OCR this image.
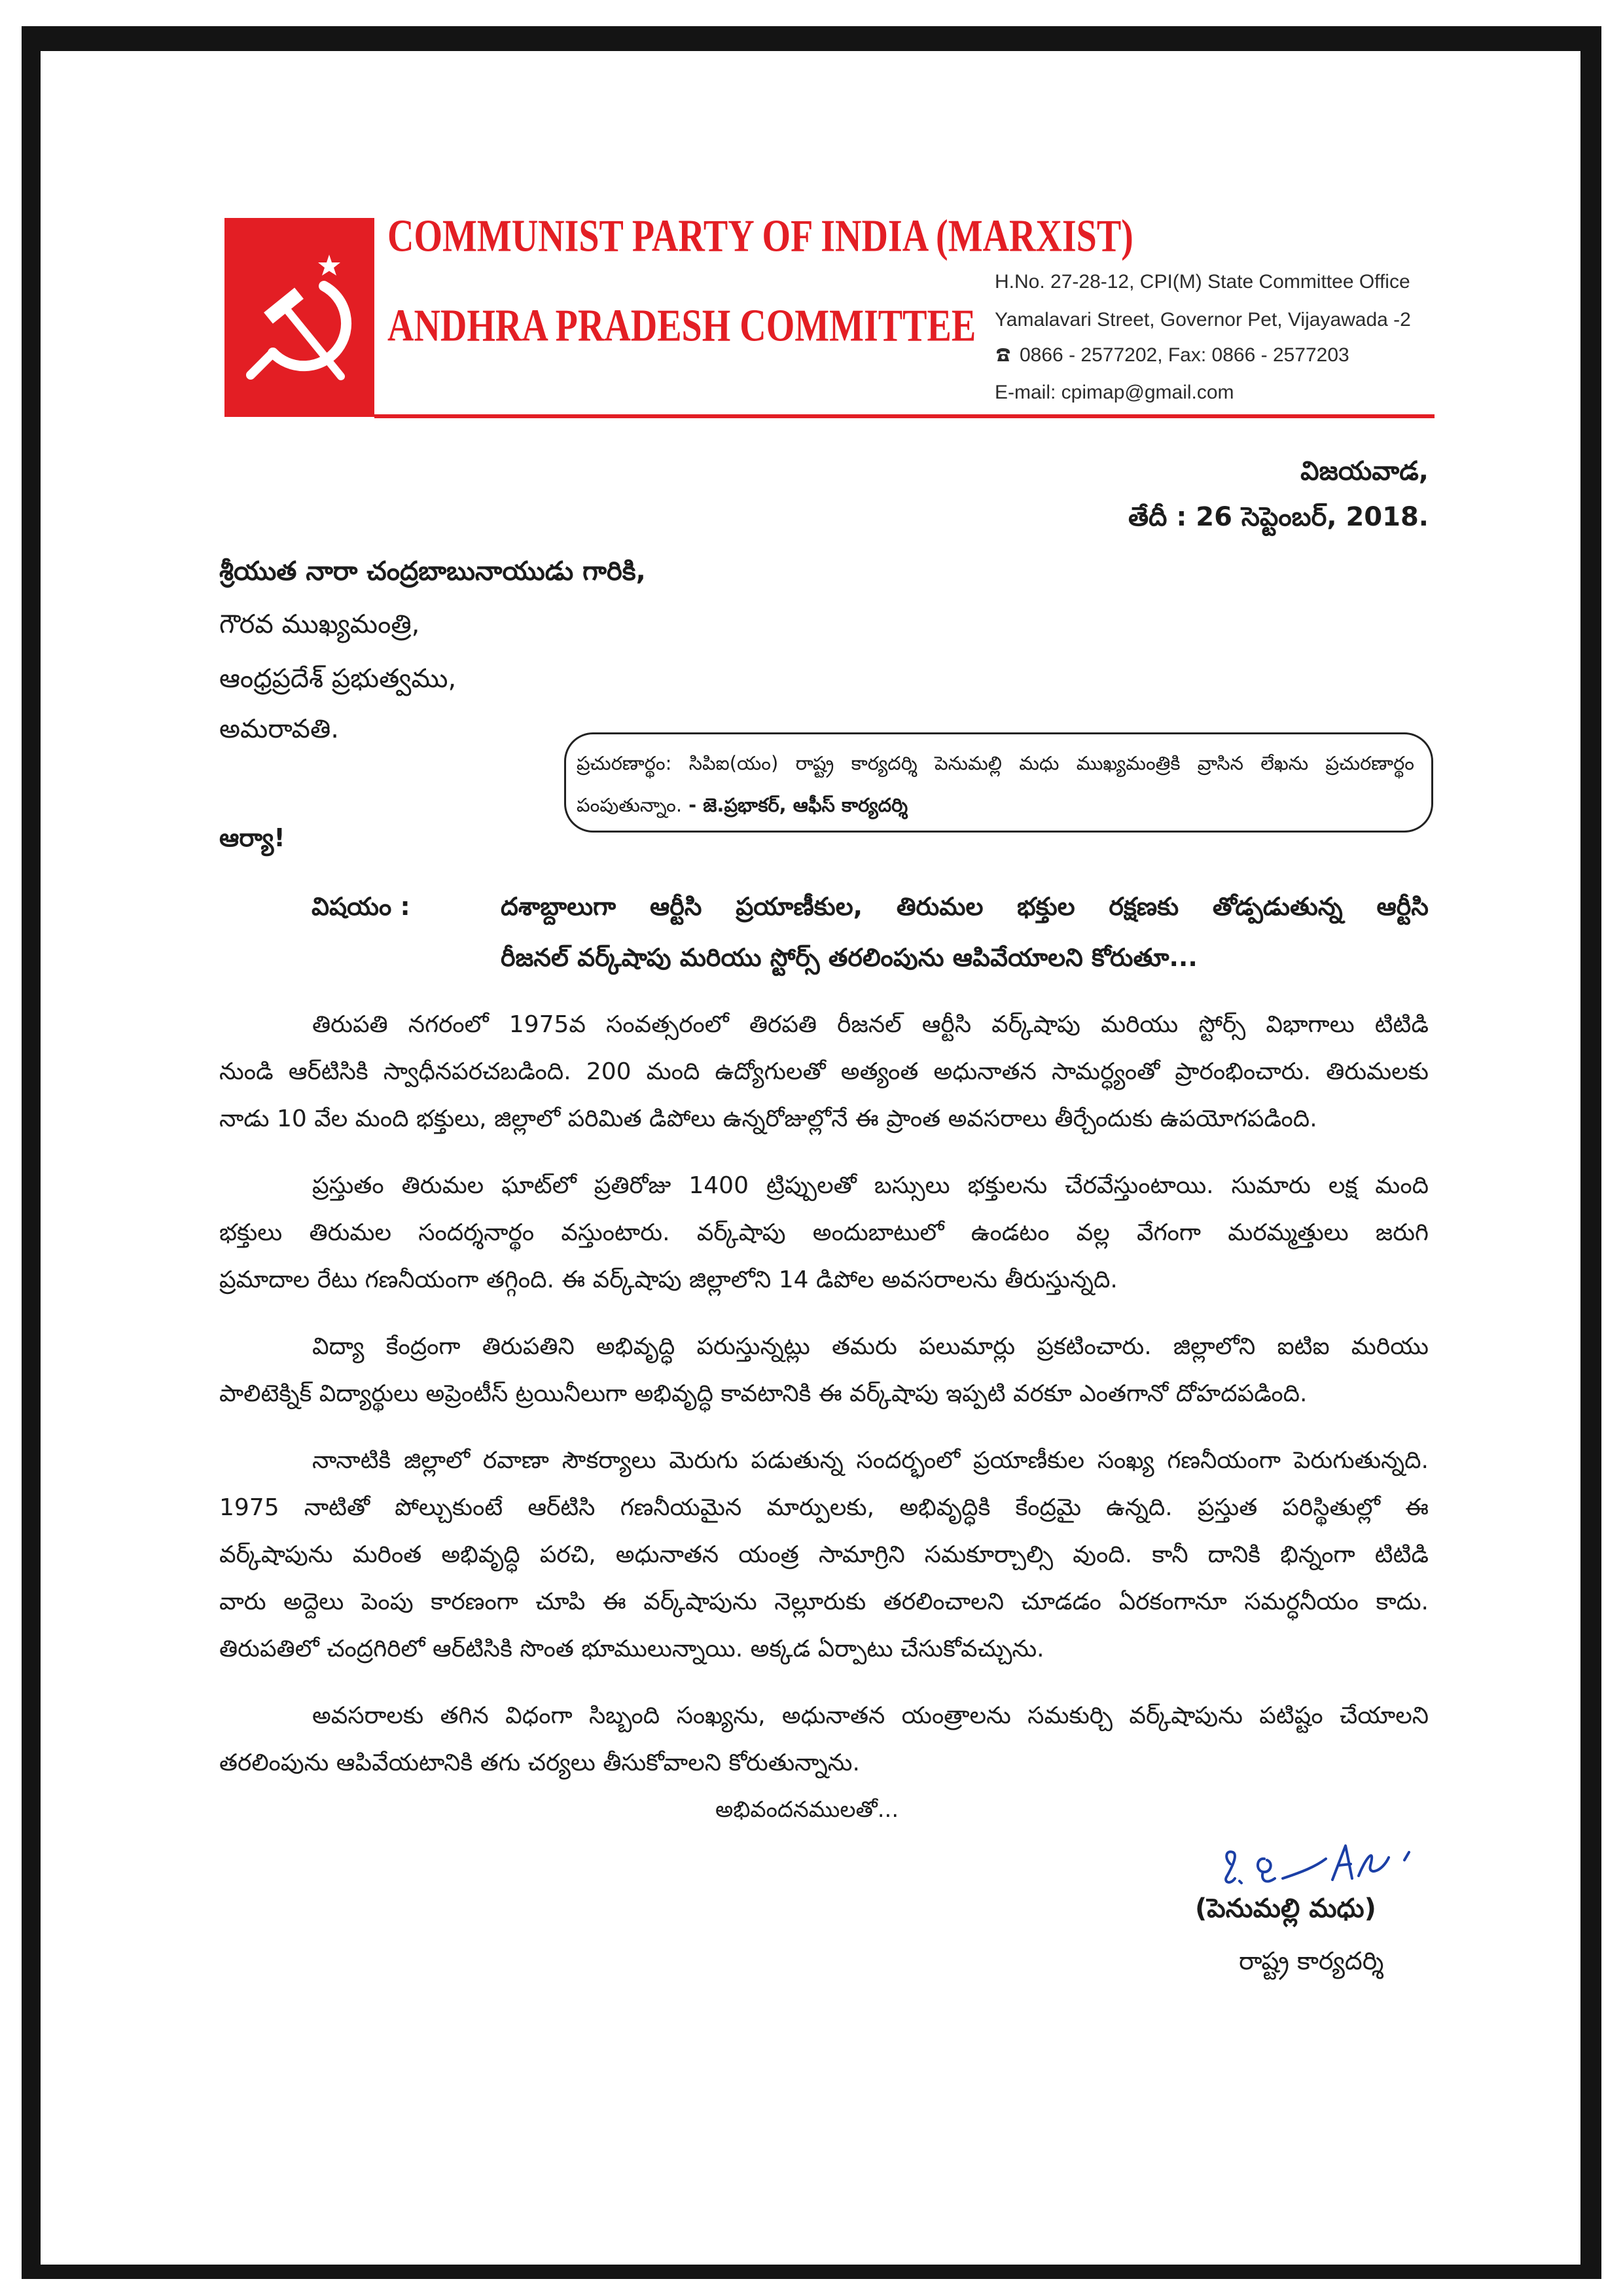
COMMUNIST PARTY OF INDIA (MARXIST)
ANDHRA PRADESH COMMITTEE
H.No. 27-28-12, CPI(M) State Committee Office
Yamalavari Street, Governor Pet, Vijayawada -2
0866 - 2577202, Fax: 0866 - 2577203
E-mail: cpimap@gmail.com
విజయవాడ,
తేదీ : 26 సెప్టెంబర్, 2018.
శ్రీయుత నారా చంద్రబాబునాయుడు గారికి,
గౌరవ ముఖ్యమంత్రి,
ఆంధ్రప్రదేశ్ ప్రభుత్వము,
అమరావతి.
ప్రచురణార్థం: సిపిఐ(యం) రాష్ట్ర కార్యదర్శి పెనుమల్లి మధు ముఖ్యమంత్రికి వ్రాసిన లేఖను ప్రచురణార్థం
పంపుతున్నాం. - జె.ప్రభాకర్, ఆఫీస్ కార్యదర్శి
ఆర్యా!
విషయం :	దశాబ్దాలుగా ఆర్టీసి ప్రయాణీకుల, తిరుమల భక్తుల రక్షణకు తోడ్పడుతున్న ఆర్టీసి
రీజనల్ వర్క్‌షాపు మరియు స్టోర్స్ తరలింపును ఆపివేయాలని కోరుతూ...
తిరుపతి నగరంలో 1975వ సంవత్సరంలో తిరపతి రీజనల్ ఆర్టీసి వర్క్‌షాపు మరియు స్టోర్స్ విభాగాలు టిటిడి
నుండి ఆర్‌టిసికి స్వాధీనపరచబడింది. 200 మంది ఉద్యోగులతో అత్యంత అధునాతన సామర్ధ్యంతో ప్రారంభించారు. తిరుమలకు
నాడు 10 వేల మంది భక్తులు, జిల్లాలో పరిమిత డిపోలు ఉన్నరోజుల్లోనే ఈ ప్రాంత అవసరాలు తీర్చేందుకు ఉపయోగపడింది.
ప్రస్తుతం తిరుమల ఘాట్‌లో ప్రతిరోజు 1400 ట్రిప్పులతో బస్సులు భక్తులను చేరవేస్తుంటాయి. సుమారు లక్ష మంది
భక్తులు తిరుమల సందర్శనార్థం వస్తుంటారు. వర్క్‌షాపు అందుబాటులో ఉండటం వల్ల వేగంగా మరమ్మత్తులు జరుగి
ప్రమాదాల రేటు గణనీయంగా తగ్గింది. ఈ వర్క్‌షాపు జిల్లాలోని 14 డిపోల అవసరాలను తీరుస్తున్నది.
విద్యా కేంద్రంగా తిరుపతిని అభివృద్ధి పరుస్తున్నట్లు తమరు పలుమార్లు ప్రకటించారు. జిల్లాలోని ఐటిఐ మరియు
పాలిటెక్నిక్ విద్యార్థులు అప్రెంటీస్ ట్రయినీలుగా అభివృద్ధి కావటానికి ఈ వర్క్‌షాపు ఇప్పటి వరకూ ఎంతగానో దోహదపడింది.
నానాటికి జిల్లాలో రవాణా సౌకర్యాలు మెరుగు పడుతున్న సందర్భంలో ప్రయాణీకుల సంఖ్య గణనీయంగా పెరుగుతున్నది.
1975 నాటితో పోల్చుకుంటే ఆర్‌టిసి గణనీయమైన మార్పులకు, అభివృద్ధికి కేంద్రమై ఉన్నది. ప్రస్తుత పరిస్థితుల్లో ఈ
వర్క్‌షాపును మరింత అభివృద్ధి పరచి, అధునాతన యంత్ర సామాగ్రిని సమకూర్చాల్సి వుంది. కానీ దానికి భిన్నంగా టిటిడి
వారు అద్దెలు పెంపు కారణంగా చూపి ఈ వర్క్‌షాపును నెల్లూరుకు తరలించాలని చూడడం ఏరకంగానూ సమర్ధనీయం కాదు.
తిరుపతిలో చంద్రగిరిలో ఆర్‌టిసికి సొంత భూములున్నాయి. అక్కడ ఏర్పాటు చేసుకోవచ్చును.
అవసరాలకు తగిన విధంగా సిబ్బంది సంఖ్యను, అధునాతన యంత్రాలను సమకుర్చి వర్క్‌షాపును పటిష్టం చేయాలని
తరలింపును ఆపివేయటానికి తగు చర్యలు తీసుకోవాలని కోరుతున్నాను.
అభివందనములతో...
(పెనుమల్లి మధు)
రాష్ట్ర కార్యదర్శి
